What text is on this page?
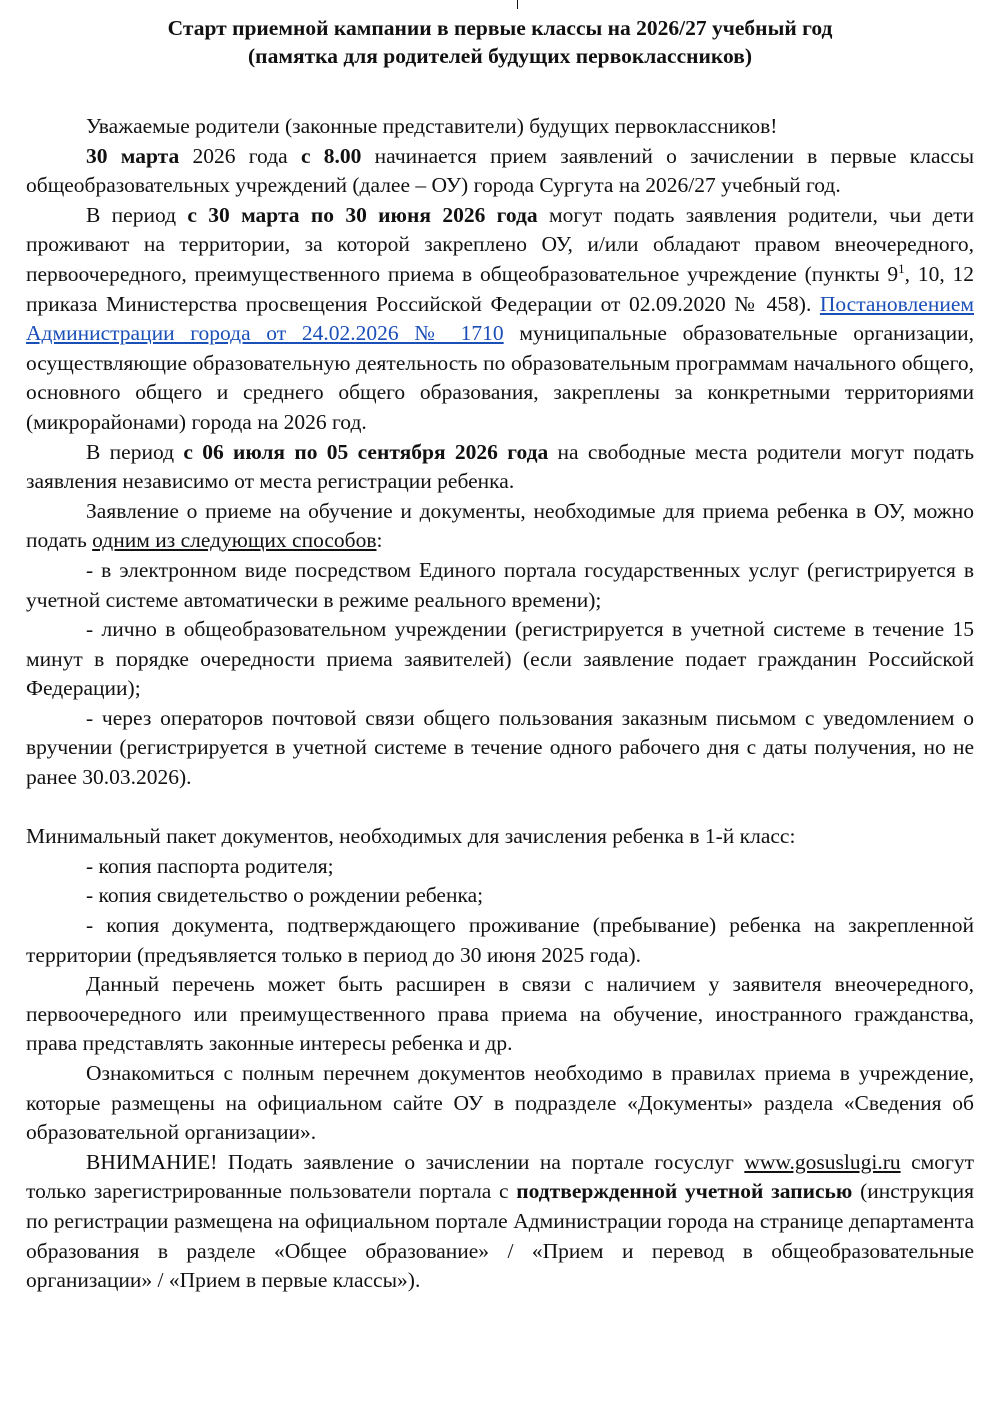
Старт приемной кампании в первые классы на 2026/27 учебный год
(памятка для родителей будущих первоклассников)

Уважаемые родители (законные представители) будущих первоклассников!

30 марта 2026 года с 8.00 начинается прием заявлений о зачислении в первые классы общеобразовательных учреждений (далее – ОУ) города Сургута на 2026/27 учебный год.

В период с 30 марта по 30 июня 2026 года могут подать заявления родители, чьи дети проживают на территории, за которой закреплено ОУ, и/или обладают правом внеочередного, первоочередного, преимущественного приема в общеобразовательное учреждение (пункты $9^1$, 10, 12 приказа Министерства просвещения Российской Федерации от 02.09.2020 № 458). Постановлением Администрации города от 24.02.2026 № 1710 муниципальные образовательные организации, осуществляющие образовательную деятельность по образовательным программам начального общего, основного общего и среднего общего образования, закреплены за конкретными территориями (микрорайонами) города на 2026 год.

В период с 06 июля по 05 сентября 2026 года на свободные места родители могут подать заявления независимо от места регистрации ребенка.

Заявление о приеме на обучение и документы, необходимые для приема ребенка в ОУ, можно подать одним из следующих способов:

- в электронном виде посредством Единого портала государственных услуг (регистрируется в учетной системе автоматически в режиме реального времени);

- лично в общеобразовательном учреждении (регистрируется в учетной системе в течение 15 минут в порядке очередности приема заявителей) (если заявление подает гражданин Российской Федерации);

- через операторов почтовой связи общего пользования заказным письмом с уведомлением о вручении (регистрируется в учетной системе в течение одного рабочего дня с даты получения, но не ранее 30.03.2026).

Минимальный пакет документов, необходимых для зачисления ребенка в 1-й класс:

- копия паспорта родителя;

- копия свидетельство о рождении ребенка;

- копия документа, подтверждающего проживание (пребывание) ребенка на закрепленной территории (предъявляется только в период до 30 июня 2025 года).

Данный перечень может быть расширен в связи с наличием у заявителя внеочередного, первоочередного или преимущественного права приема на обучение, иностранного гражданства, права представлять законные интересы ребенка и др.

Ознакомиться с полным перечнем документов необходимо в правилах приема в учреждение, которые размещены на официальном сайте ОУ в подразделе «Документы» раздела «Сведения об образовательной организации».

ВНИМАНИЕ! Подать заявление о зачислении на портале госуслуг www.gosuslugi.ru смогут только зарегистрированные пользователи портала с подтвержденной учетной записью (инструкция по регистрации размещена на официальном портале Администрации города на странице департамента образования в разделе «Общее образование» / «Прием и перевод в общеобразовательные организации» / «Прием в первые классы»).
